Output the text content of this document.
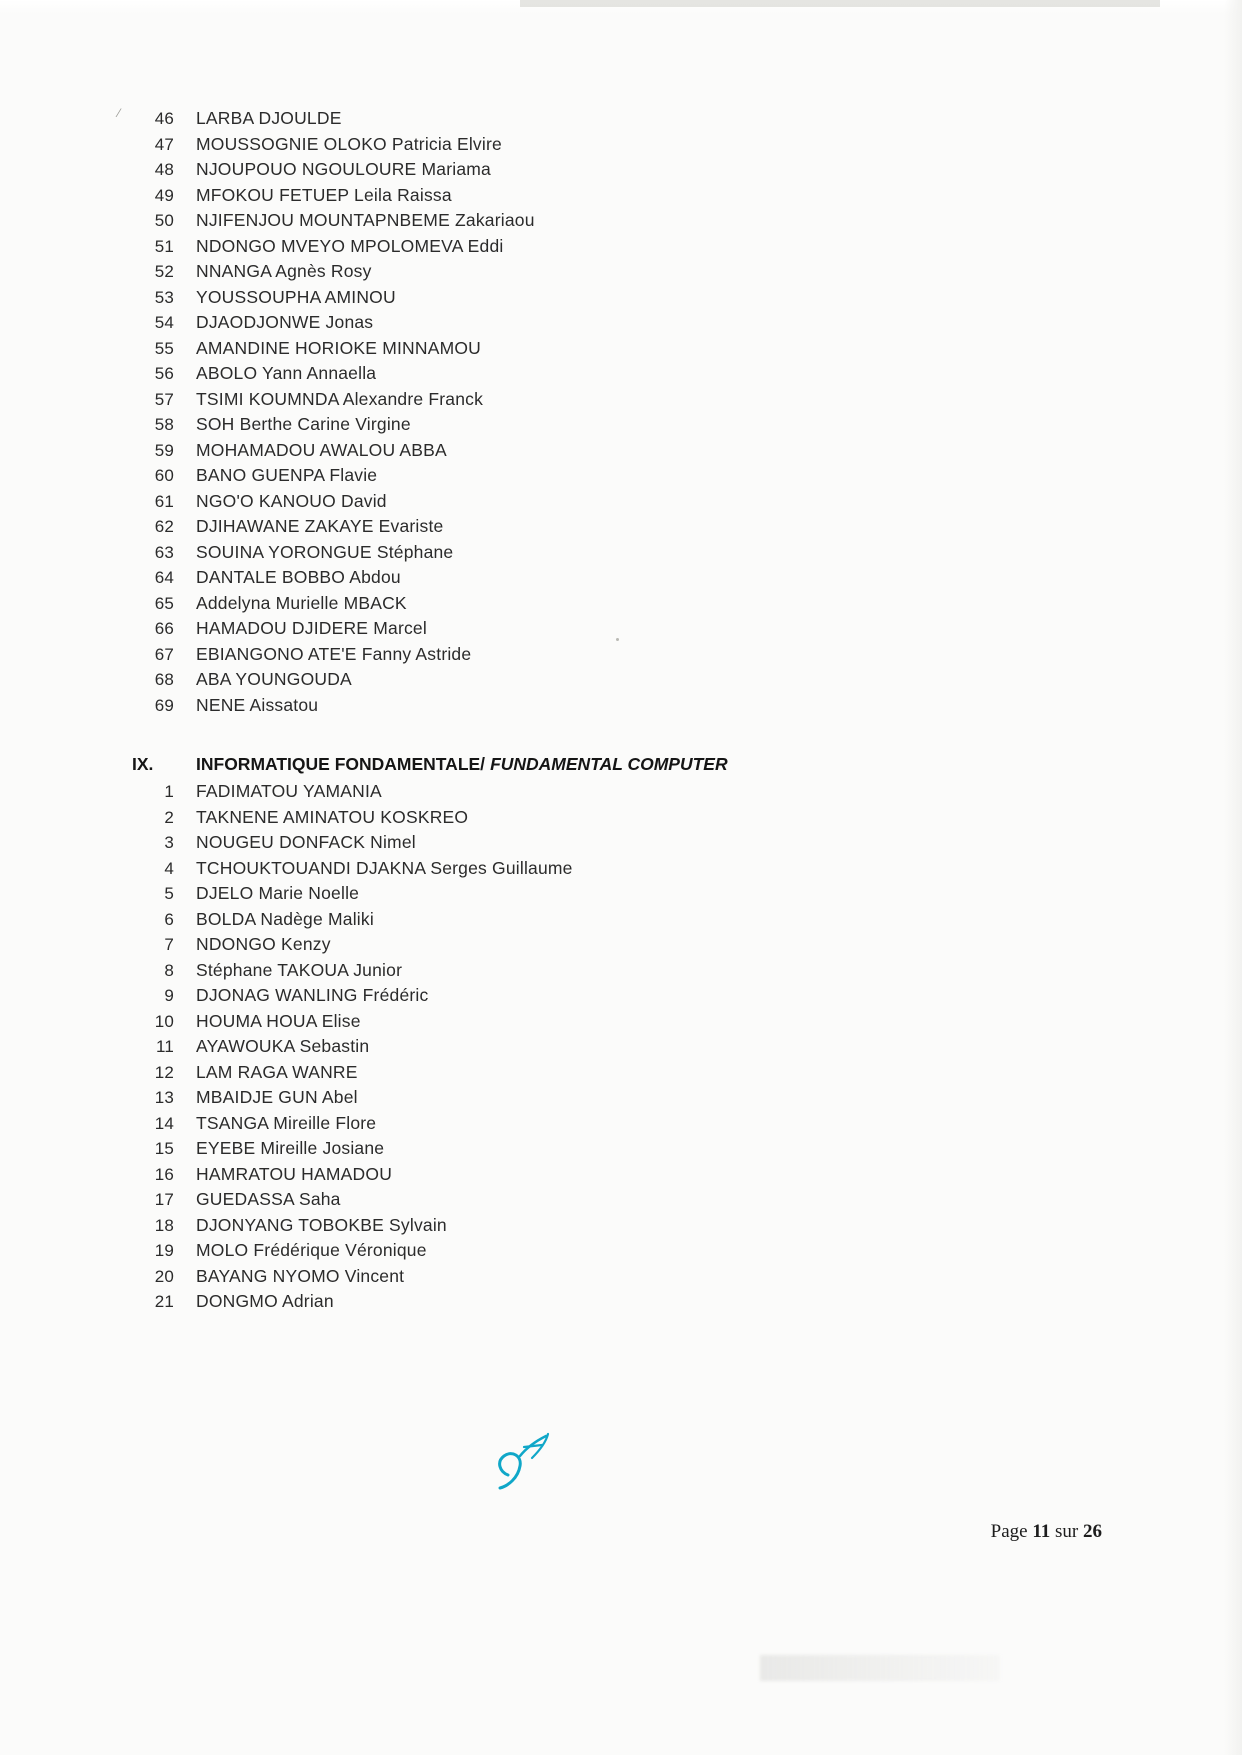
⁄	46	LARBA DJOULDE
47	MOUSSOGNIE OLOKO Patricia Elvire
48	NJOUPOUO NGOULOURE Mariama
49	MFOKOU FETUEP Leila Raissa
50	NJIFENJOU MOUNTAPNBEME Zakariaou
51	NDONGO MVEYO MPOLOMEVA Eddi
52	NNANGA Agnès Rosy
53	YOUSSOUPHA AMINOU
54	DJAODJONWE Jonas
55	AMANDINE HORIOKE MINNAMOU
56	ABOLO Yann Annaella
57	TSIMI KOUMNDA Alexandre Franck
58	SOH Berthe Carine Virgine
59	MOHAMADOU AWALOU ABBA
60	BANO GUENPA Flavie
61	NGO'O KANOUO David
62	DJIHAWANE ZAKAYE Evariste
63	SOUINA YORONGUE Stéphane
64	DANTALE BOBBO Abdou
65	Addelyna Murielle MBACK
66	HAMADOU DJIDERE Marcel
67	EBIANGONO ATE'E Fanny Astride
68	ABA YOUNGOUDA
69	NENE Aissatou
IX.	INFORMATIQUE FONDAMENTALE/ FUNDAMENTAL COMPUTER
1	FADIMATOU YAMANIA
2	TAKNENE AMINATOU KOSKREO
3	NOUGEU DONFACK Nimel
4	TCHOUKTOUANDI DJAKNA Serges Guillaume
5	DJELO Marie Noelle
6	BOLDA Nadège Maliki
7	NDONGO Kenzy
8	Stéphane TAKOUA Junior
9	DJONAG WANLING Frédéric
10	HOUMA HOUA Elise
11	AYAWOUKA Sebastin
12	LAM RAGA WANRE
13	MBAIDJE GUN Abel
14	TSANGA Mireille Flore
15	EYEBE Mireille Josiane
16	HAMRATOU HAMADOU
17	GUEDASSA Saha
18	DJONYANG TOBOKBE Sylvain
19	MOLO Frédérique Véronique
20	BAYANG NYOMO Vincent
21	DONGMO Adrian
Page 11 sur 26
